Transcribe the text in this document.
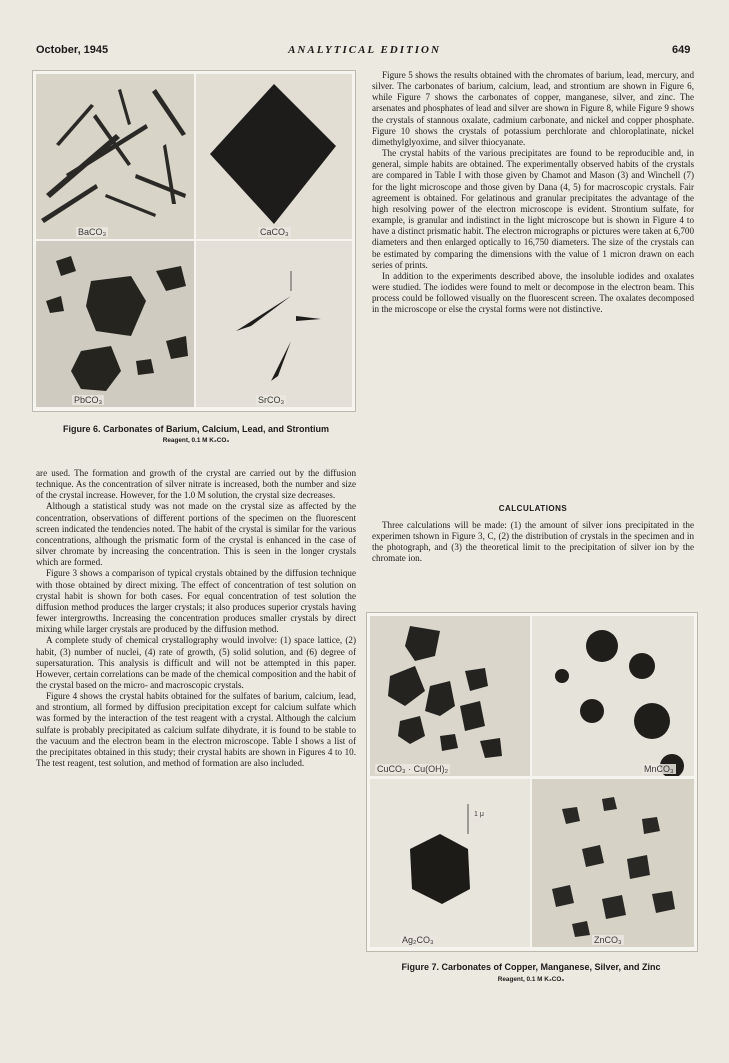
October, 1945	ANALYTICAL EDITION	649
BaCO₃	CaCO₃
PbCO₃	SrCO₃
Figure 6. Carbonates of Barium, Calcium, Lead, and Strontium
Reagent, 0.1 M K₂CO₃

are used. The formation and growth of the crystal are carried out by the diffusion technique. As the concentration of silver nitrate is increased, both the number and size of the crystal increase. However, for the 1.0 M solution, the crystal size decreases.

Although a statistical study was not made on the crystal size as affected by the concentration, observations of different portions of the specimen on the fluorescent screen indicated the tendencies noted. The habit of the crystal is similar for the various concentrations, although the prismatic form of the crystal is enhanced in the case of silver chromate by increasing the concentration. This is seen in the longer crystals which are formed.

Figure 3 shows a comparison of typical crystals obtained by the diffusion technique with those obtained by direct mixing. The effect of concentration of test solution on crystal habit is shown for both cases. For equal concentration of test solution the diffusion method produces the larger crystals; it also produces superior crystals having fewer intergrowths. Increasing the concentration produces smaller crystals by direct mixing while larger crystals are produced by the diffusion method.

A complete study of chemical crystallography would involve: (1) space lattice, (2) habit, (3) number of nuclei, (4) rate of growth, (5) solid solution, and (6) degree of supersaturation. This analysis is difficult and will not be attempted in this paper. However, certain correlations can be made of the chemical composition and the habit of the crystal based on the micro- and macroscopic crystals.

Figure 4 shows the crystal habits obtained for the sulfates of barium, calcium, lead, and strontium, all formed by diffusion precipitation except for calcium sulfate which was formed by the interaction of the test reagent with a crystal. Although the calcium sulfate is probably precipitated as calcium sulfate dihydrate, it is found to be stable to the vacuum and the electron beam in the electron microscope. Table I shows a list of the precipitates obtained in this study; their crystal habits are shown in Figures 4 to 10. The test reagent, test solution, and method of formation are also included.

Figure 5 shows the results obtained with the chromates of barium, lead, mercury, and silver. The carbonates of barium, calcium, lead, and strontium are shown in Figure 6, while Figure 7 shows the carbonates of copper, manganese, silver, and zinc. The arsenates and phosphates of lead and silver are shown in Figure 8, while Figure 9 shows the crystals of stannous oxalate, cadmium carbonate, and nickel and copper phosphate. Figure 10 shows the crystals of potassium perchlorate and chloroplatinate, nickel dimethylglyoxime, and silver thiocyanate.

The crystal habits of the various precipitates are found to be reproducible and, in general, simple habits are obtained. The experimentally observed habits of the crystals are compared in Table I with those given by Chamot and Mason (3) and Winchell (7) for the light microscope and those given by Dana (4, 5) for macroscopic crystals. Fair agreement is obtained. For gelatinous and granular precipitates the advantage of the high resolving power of the electron microscope is evident. Strontium sulfate, for example, is granular and indistinct in the light microscope but is shown in Figure 4 to have a distinct prismatic habit. The electron micrographs or pictures were taken at 6,700 diameters and then enlarged optically to 16,750 diameters. The size of the crystals can be estimated by comparing the dimensions with the value of 1 micron drawn on each series of prints.

In addition to the experiments described above, the insoluble iodides and oxalates were studied. The iodides were found to melt or decompose in the electron beam. This process could be followed visually on the fluorescent screen. The oxalates decomposed in the microscope or else the crystal forms were not distinctive.

CALCULATIONS

Three calculations will be made: (1) the amount of silver ions precipitated in the experimen tshown in Figure 3, C, (2) the distribution of crystals in the specimen and in the photograph, and (3) the theoretical limit to the precipitation of silver ion by the chromate ion.

CuCO₃ · Cu(OH)₂	MnCO₃
1 μ
Ag₂CO₃	ZnCO₃
Figure 7. Carbonates of Copper, Manganese, Silver, and Zinc
Reagent, 0.1 M K₂CO₃
